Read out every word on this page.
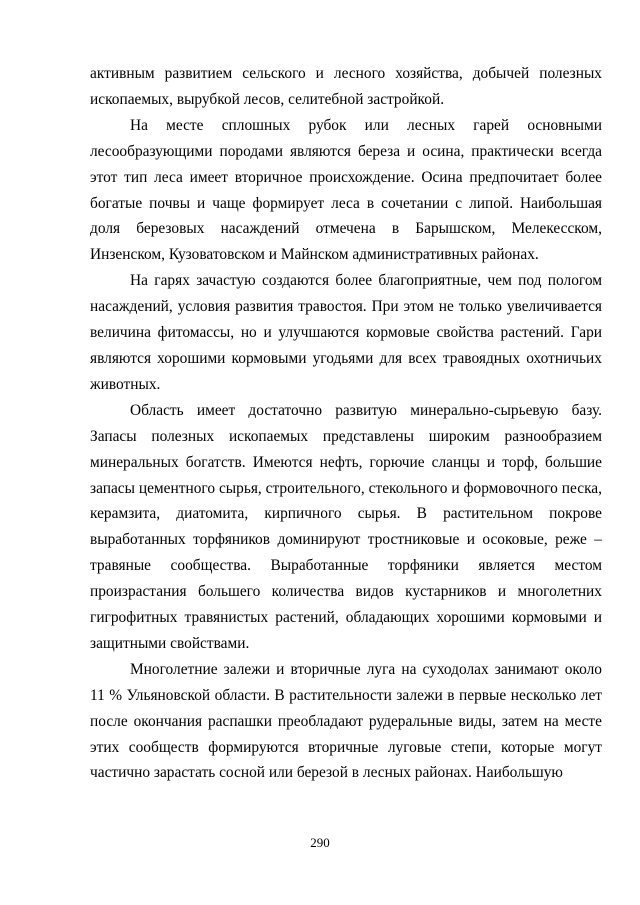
активным развитием сельского и лесного хозяйства, добычей полезных ископаемых, вырубкой лесов, селитебной застройкой.

На месте сплошных рубок или лесных гарей основными лесообразующими породами являются береза и осина, практически всегда этот тип леса имеет вторичное происхождение. Осина предпочитает более богатые почвы и чаще формирует леса в сочетании с липой. Наибольшая доля березовых насаждений отмечена в Барышском, Мелекесском, Инзенском, Кузоватовском и Майнском административных районах.

На гарях зачастую создаются более благоприятные, чем под пологом насаждений, условия развития травостоя. При этом не только увеличивается величина фитомассы, но и улучшаются кормовые свойства растений. Гари являются хорошими кормовыми угодьями для всех травоядных охотничьих животных.

Область имеет достаточно развитую минерально-сырьевую базу. Запасы полезных ископаемых представлены широким разнообразием минеральных богатств. Имеются нефть, горючие сланцы и торф, большие запасы цементного сырья, строительного, стекольного и формовочного песка, керамзита, диатомита, кирпичного сырья. В растительном покрове выработанных торфяников доминируют тростниковые и осоковые, реже – травяные сообщества. Выработанные торфяники является местом произрастания большего количества видов кустарников и многолетних гигрофитных травянистых растений, обладающих хорошими кормовыми и защитными свойствами.

Многолетние залежи и вторичные луга на суходолах занимают около 11 % Ульяновской области. В растительности залежи в первые несколько лет после окончания распашки преобладают рудеральные виды, затем на месте этих сообществ формируются вторичные луговые степи, которые могут частично зарастать сосной или березой в лесных районах. Наибольшую

290
